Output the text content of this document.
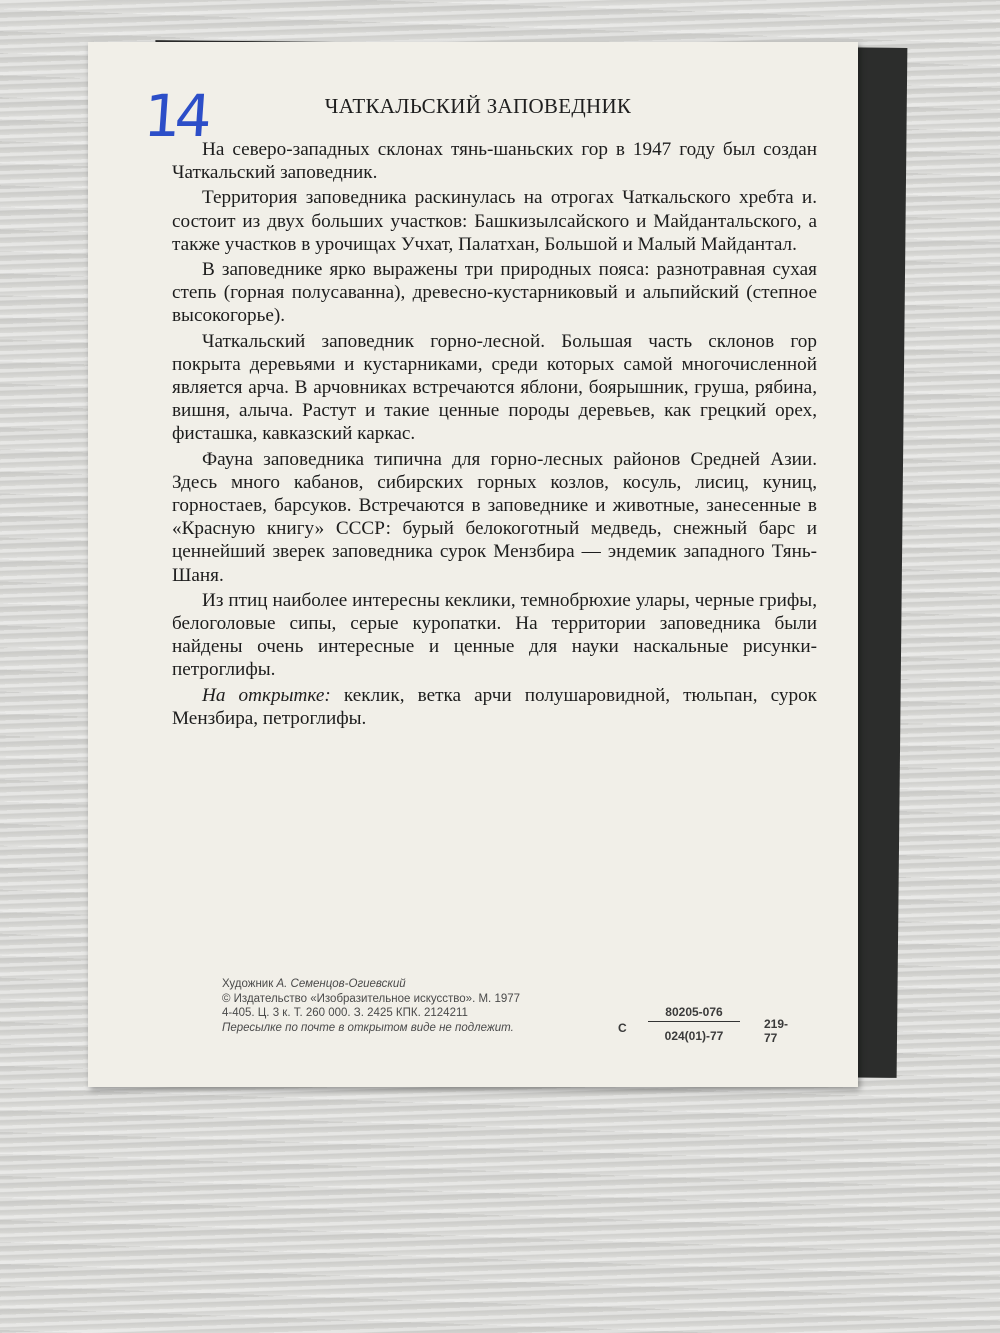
14	ЧАТКАЛЬСКИЙ ЗАПОВЕДНИК

На северо-западных склонах тянь-шаньских гор в 1947 году был создан Чаткальский заповедник.

Территория заповедника раскинулась на отрогах Чаткальского хребта и. состоит из двух больших участков: Башкизылсайского и Майдантальского, а также участков в урочищах Учхат, Палатхан, Большой и Малый Майдантал.

В заповеднике ярко выражены три природных пояса: разнотравная сухая степь (горная полусаванна), древесно-кустарниковый и альпийский (степное высокогорье).

Чаткальский заповедник горно-лесной. Большая часть склонов гор покрыта деревьями и кустарниками, среди которых самой многочисленной является арча. В арчовниках встречаются яблони, боярышник, груша, рябина, вишня, алыча. Растут и такие ценные породы деревьев, как грецкий орех, фисташка, кавказский каркас.

Фауна заповедника типична для горно-лесных районов Средней Азии. Здесь много кабанов, сибирских горных козлов, косуль, лисиц, куниц, горностаев, барсуков. Встречаются в заповеднике и животные, занесенные в «Красную книгу» СССР: бурый белокоготный медведь, снежный барс и ценнейший зверек заповедника сурок Мензбира — эндемик западного Тянь-Шаня.

Из птиц наиболее интересны кеклики, темнобрюхие улары, черные грифы, белоголовые сипы, серые куропатки. На территории заповедника были найдены очень интересные и ценные для науки наскальные рисунки-петроглифы.

На открытке: кеклик, ветка арчи полушаровидной, тюльпан, сурок Мензбира, петроглифы.

Художник А. Семенцов-Огиевский
© Издательство «Изобразительное искусство». М. 1977
4-405. Ц. 3 к. Т. 260 000. З. 2425 КПК. 2124211
Пересылке по почте в открытом виде не подлежит.	С
80205-076
024(01)-77
219-77
